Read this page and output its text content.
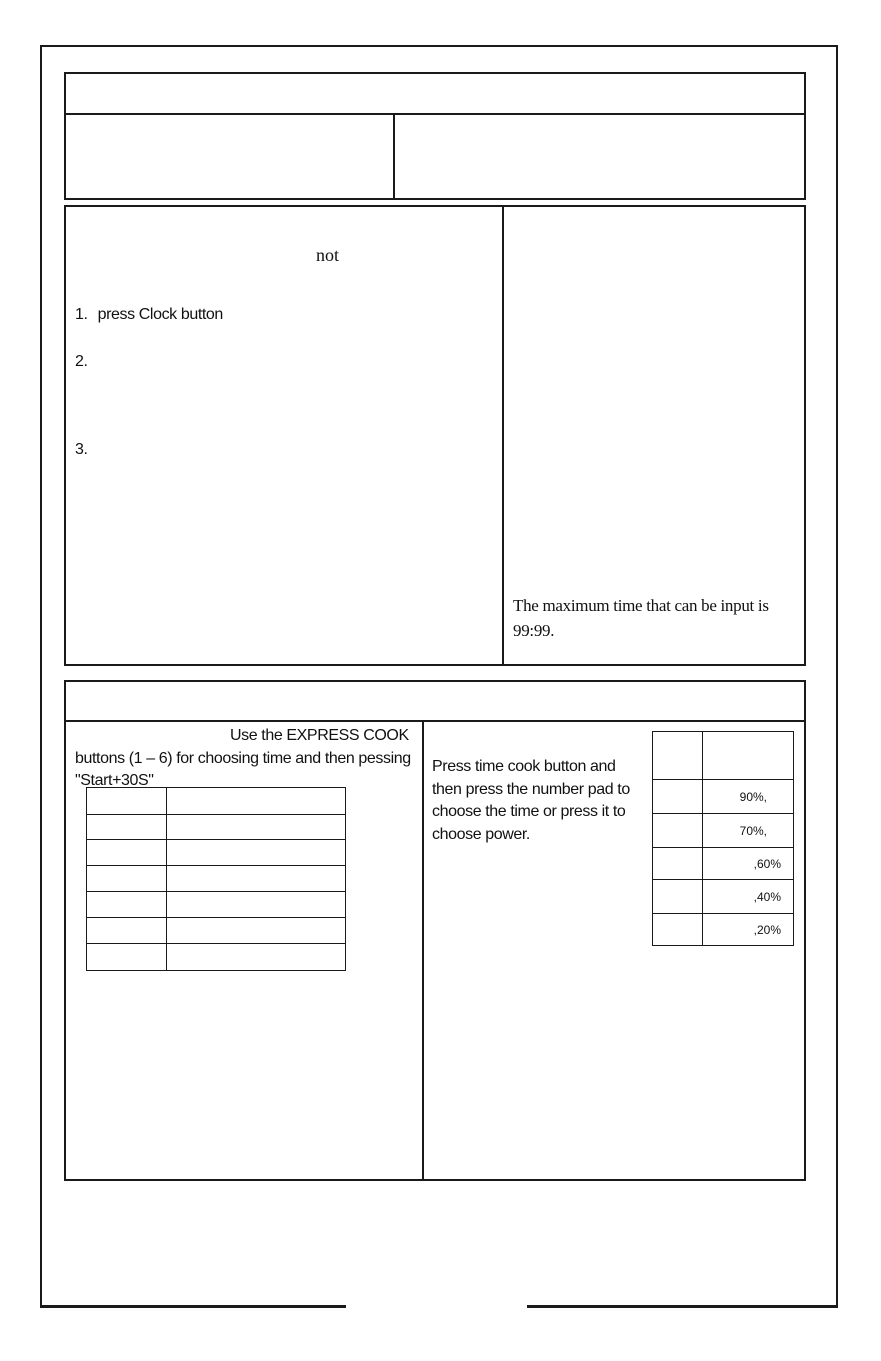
not
1. press Clock button
2.
3.
The maximum time that can be input is 99:99.
Use the EXPRESS COOK
buttons (1 – 6) for choosing time and then pessing
"Start+30S"

Press time cook button and
then press the number pad to
choose the time or press it to
choose power.

	90%,
	70%,
	,60%
	,40%
	,20%
